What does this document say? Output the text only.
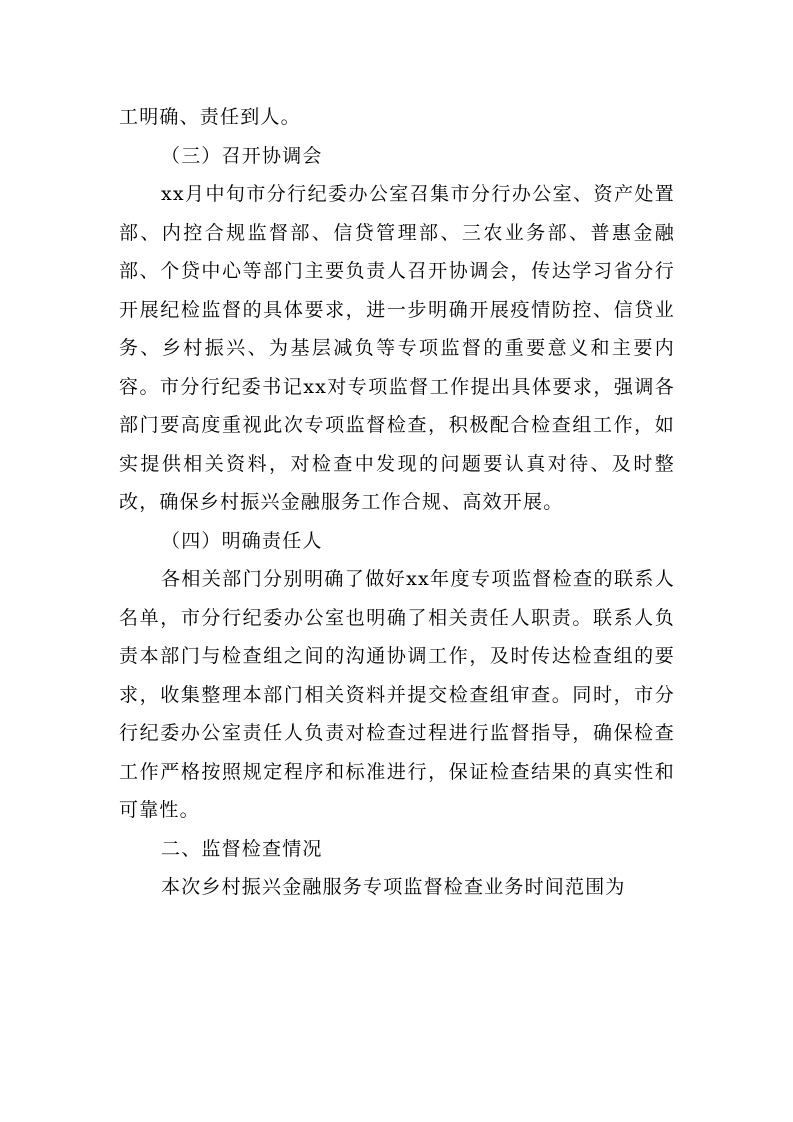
工明确、责任到人。

（三）召开协调会

xx月中旬市分行纪委办公室召集市分行办公室、资产处置部、内控合规监督部、信贷管理部、三农业务部、普惠金融部、个贷中心等部门主要负责人召开协调会，传达学习省分行开展纪检监督的具体要求，进一步明确开展疫情防控、信贷业务、乡村振兴、为基层减负等专项监督的重要意义和主要内容。市分行纪委书记xx对专项监督工作提出具体要求，强调各部门要高度重视此次专项监督检查，积极配合检查组工作，如实提供相关资料，对检查中发现的问题要认真对待、及时整改，确保乡村振兴金融服务工作合规、高效开展。

（四）明确责任人

各相关部门分别明确了做好xx年度专项监督检查的联系人名单，市分行纪委办公室也明确了相关责任人职责。联系人负责本部门与检查组之间的沟通协调工作，及时传达检查组的要求，收集整理本部门相关资料并提交检查组审查。同时，市分行纪委办公室责任人负责对检查过程进行监督指导，确保检查工作严格按照规定程序和标准进行，保证检查结果的真实性和可靠性。

二、监督检查情况

本次乡村振兴金融服务专项监督检查业务时间范围为
